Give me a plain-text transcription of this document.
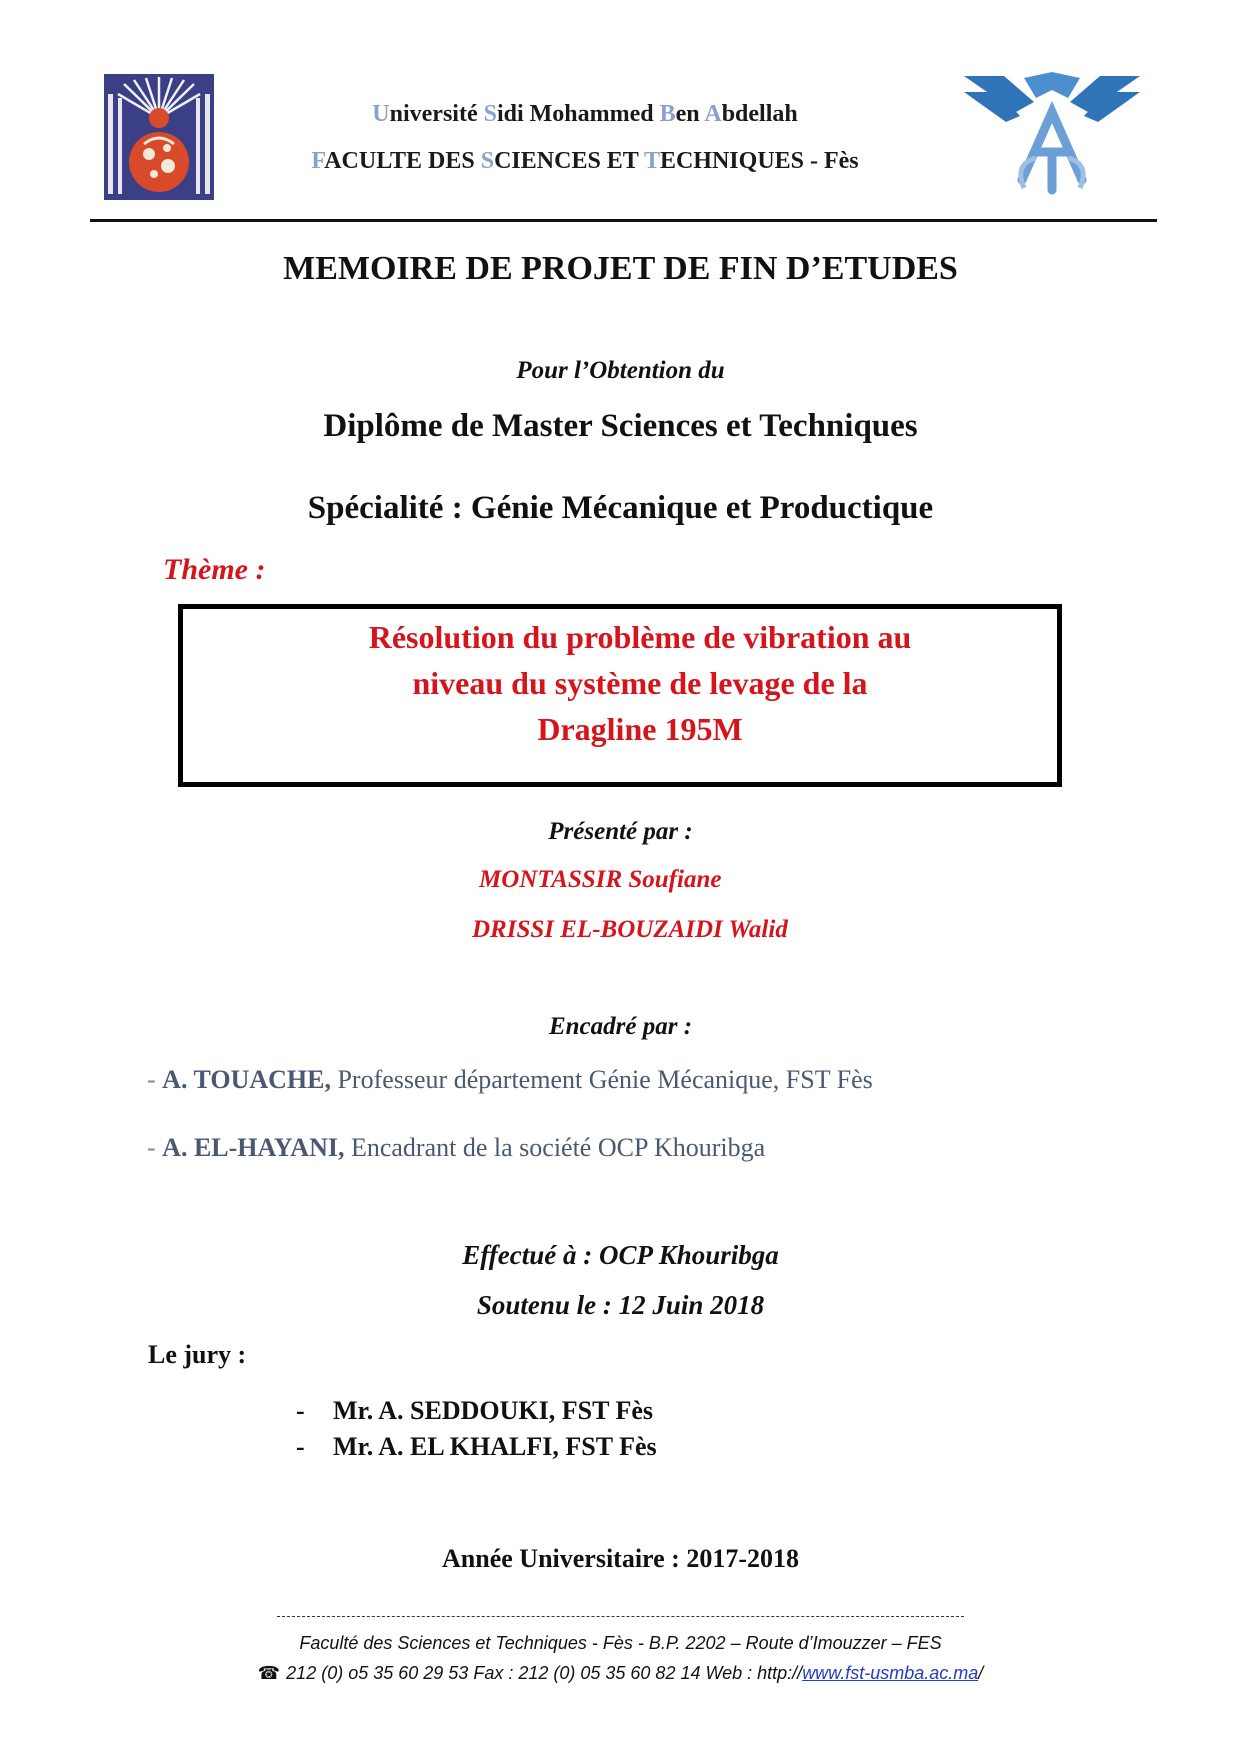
Université Sidi Mohammed Ben Abdellah
FACULTE DES SCIENCES ET TECHNIQUES - Fès
MEMOIRE DE PROJET DE FIN D’ETUDES
Pour l’Obtention du
Diplôme de Master Sciences et Techniques
Spécialité : Génie Mécanique et Productique
Thème :
Résolution du problème de vibration au
niveau du système de levage de la
Dragline 195M
Présenté par :
MONTASSIR Soufiane
DRISSI EL-BOUZAIDI Walid
Encadré par :
- A. TOUACHE, Professeur département Génie Mécanique, FST Fès
- A. EL-HAYANI, Encadrant de la société OCP Khouribga
Effectué à : OCP Khouribga
Soutenu le : 12 Juin 2018
Le jury :
- Mr. A. SEDDOUKI, FST Fès
- Mr. A. EL KHALFI, FST Fès
Année Universitaire : 2017-2018
Faculté des Sciences et Techniques - Fès - B.P. 2202 – Route d’Imouzzer – FES
☎ 212 (0) o5 35 60 29 53 Fax : 212 (0) 05 35 60 82 14 Web : http://www.fst-usmba.ac.ma/
